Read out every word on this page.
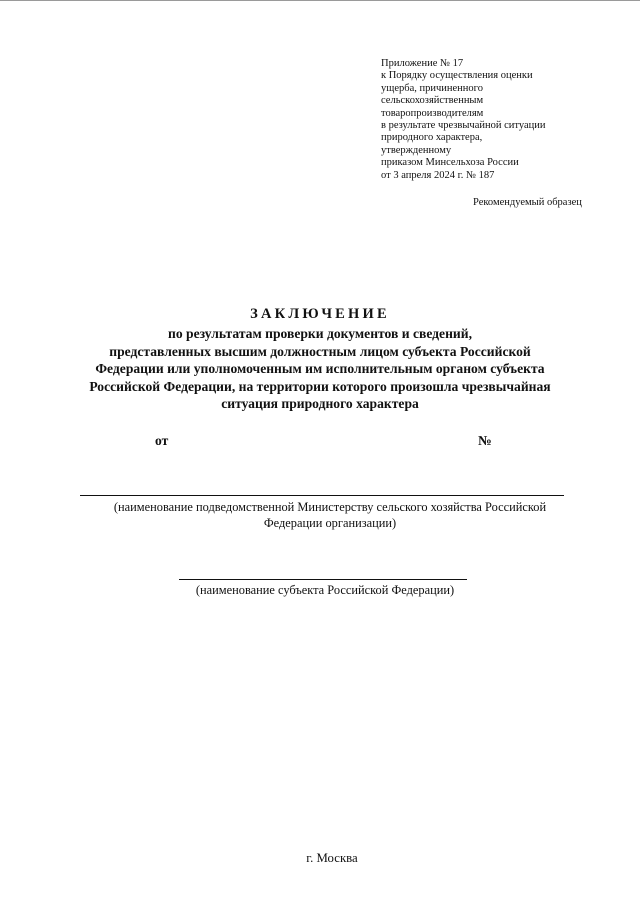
Приложение № 17
к Порядку осуществления оценки
ущерба, причиненного
сельскохозяйственным
товаропроизводителям
в результате чрезвычайной ситуации
природного характера,
утвержденному
приказом Минсельхоза России
от 3 апреля 2024 г. № 187
Рекомендуемый образец
ЗАКЛЮЧЕНИЕ
по результатам проверки документов и сведений,
представленных высшим должностным лицом субъекта Российской
Федерации или уполномоченным им исполнительным органом субъекта
Российской Федерации, на территории которого произошла чрезвычайная
ситуация природного характера
от	№
(наименование подведомственной Министерству сельского хозяйства Российской
Федерации организации)
(наименование субъекта Российской Федерации)
г. Москва
